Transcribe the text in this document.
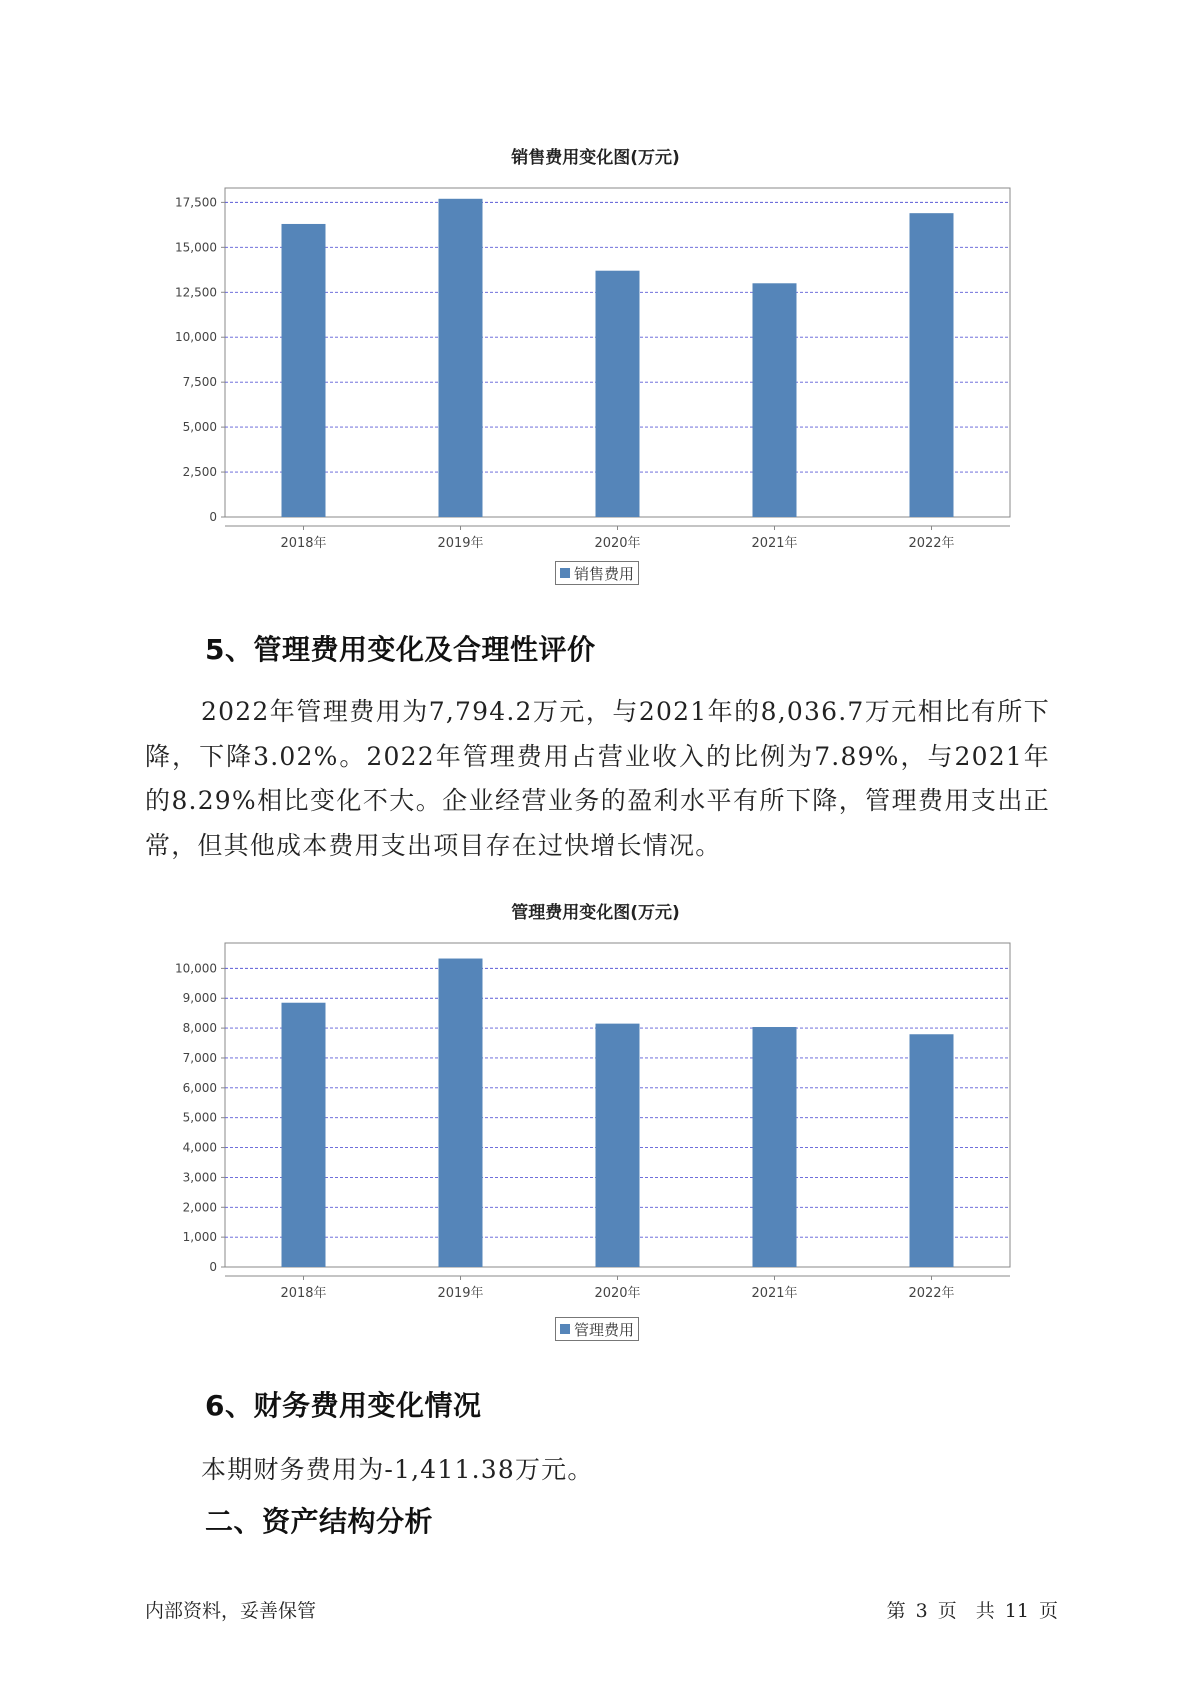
销售费用变化图(万元)
0
2,500
5,000
7,500
10,000
12,500
15,000
17,500
2018年	2019年	2020年	2021年	2022年
销售费用
5、管理费用变化及合理性评价
2022年管理费用为7,794.2万元，与2021年的8,036.7万元相比有所下降，下降3.02%。2022年管理费用占营业收入的比例为7.89%，与2021年的8.29%相比变化不大。企业经营业务的盈利水平有所下降，管理费用支出正常，但其他成本费用支出项目存在过快增长情况。
管理费用变化图(万元)
0
1,000
2,000
3,000
4,000
5,000
6,000
7,000
8,000
9,000
10,000
2018年	2019年	2020年	2021年	2022年
管理费用
6、财务费用变化情况
本期财务费用为-1,411.38万元。
二、资产结构分析
内部资料，妥善保管	第 3 页　共 11 页
